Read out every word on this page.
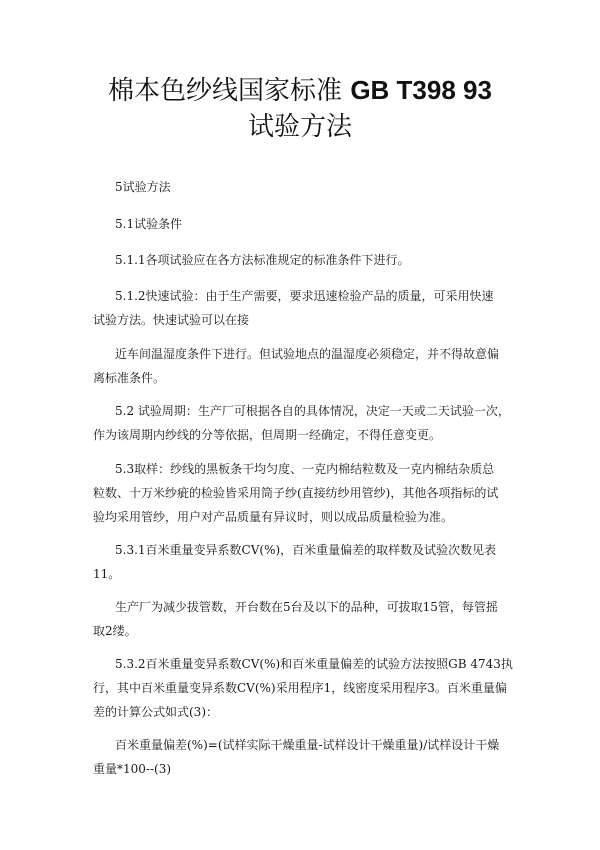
棉本色纱线国家标准 GB T398 93
试验方法
5试验方法
5.1试验条件
5.1.1各项试验应在各方法标准规定的标准条件下进行。
5.1.2快速试验：由于生产需要，要求迅速检验产品的质量，可采用快速
试验方法。快速试验可以在接
近车间温湿度条件下进行。但试验地点的温湿度必须稳定，并不得故意偏
离标准条件。
5.2 试验周期：生产厂可根据各自的具体情况，决定一天或二天试验一次，
作为该周期内纱线的分等依据，但周期一经确定，不得任意变更。
5.3取样：纱线的黑板条干均匀度、一克内棉结粒数及一克内棉结杂质总
粒数、十万米纱疵的检验皆采用筒子纱(直接纺纱用管纱)，其他各项指标的试
验均采用管纱，用户对产品质量有异议时，则以成品质量检验为准。
5.3.1百米重量变异系数CV(%)，百米重量偏差的取样数及试验次数见表
11。
生产厂为减少拔管数，开台数在5台及以下的品种，可拔取15管，每管摇
取2缕。
5.3.2百米重量变异系数CV(%)和百米重量偏差的试验方法按照GB 4743执
行，其中百米重量变异系数CV(%)采用程序1，线密度采用程序3。百米重量偏
差的计算公式如式(3)：
百米重量偏差(%)=(试样实际干燥重量-试样设计干燥重量)/试样设计干燥
重量*100--(3)
